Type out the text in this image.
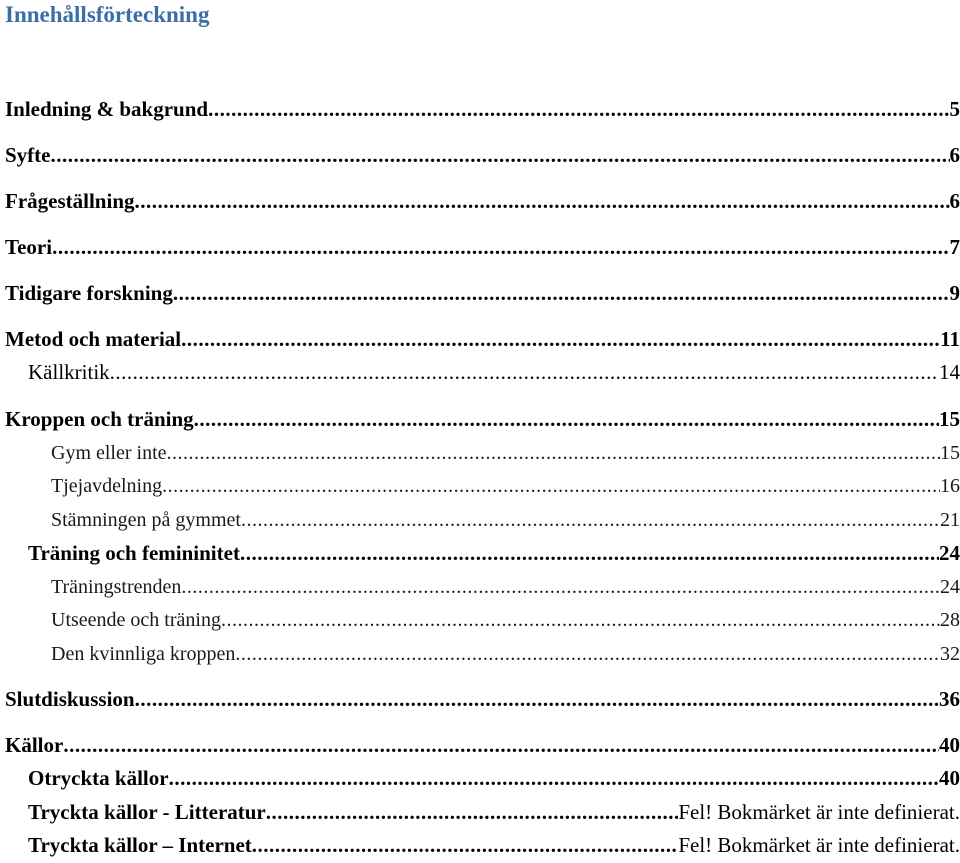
Innehållsförteckning
Inledning & bakgrund .....	5
Syfte .....	6
Frågeställning .....	6
Teori .....	7
Tidigare forskning .....	9
Metod och material .....	11
Källkritik .....	14
Kroppen och träning .....	15
Gym eller inte .....	15
Tjejavdelning .....	16
Stämningen på gymmet .....	21
Träning och femininitet .....	24
Träningstrenden .....	24
Utseende och träning .....	28
Den kvinnliga kroppen .....	32
Slutdiskussion .....	36
Källor .....	40
Otryckta källor .....	40
Tryckta källor - Litteratur .....	Fel! Bokmärket är inte definierat.
Tryckta källor – Internet .....	Fel! Bokmärket är inte definierat.
